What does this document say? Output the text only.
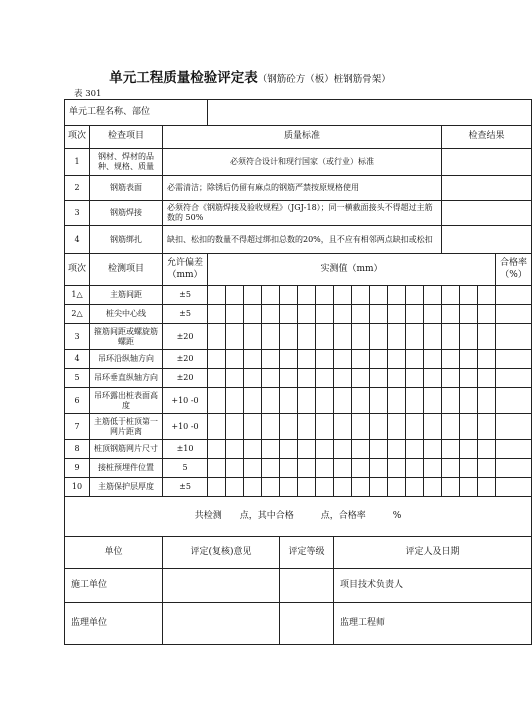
单元工程质量检验评定表（钢筋砼方（板）桩钢筋骨架）
表 301
单元工程名称、部位																			
项次	检查项目	质量标准														检查结果			
1	钢材、焊材的品种、规格、质量	必须符合设计和现行国家（或行业）标准																	
2	钢筋表面	必需清洁；除锈后仍留有麻点的钢筋严禁按原规格使用																	
3	钢筋焊接	必须符合《钢筋焊接及验收规程》（JGJ-18）；同一横截面接头不得超过主筋数的 50%																	
4	钢筋绑扎	缺扣、松扣的数量不得超过绑扣总数的20%，且不应有相邻两点缺扣或松扣																	
项次	检测项目	允许偏差（mm）	实测值（mm）																合格率（%）
1△	主筋间距	±5																	
2△	桩尖中心线	±5																	
3	箍筋间距或螺旋筋螺距	±20																	
4	吊环沿纵轴方向	±20																	
5	吊环垂直纵轴方向	±20																	
6	吊环露出桩表面高度	+10 -0																	
7	主筋低于桩顶第一网片距离	+10 -0																	
8	桩顶钢筋网片尺寸	±10																	
9	接桩预埋件位置	5																	
10	主筋保护层厚度	±5																	
共检测　　点，其中合格　　　点，合格率　　　%																			
单位		评定(复核)意见					评定等级			评定人及日期									
施工单位										项目技术负责人									
监理单位										监理工程师									
